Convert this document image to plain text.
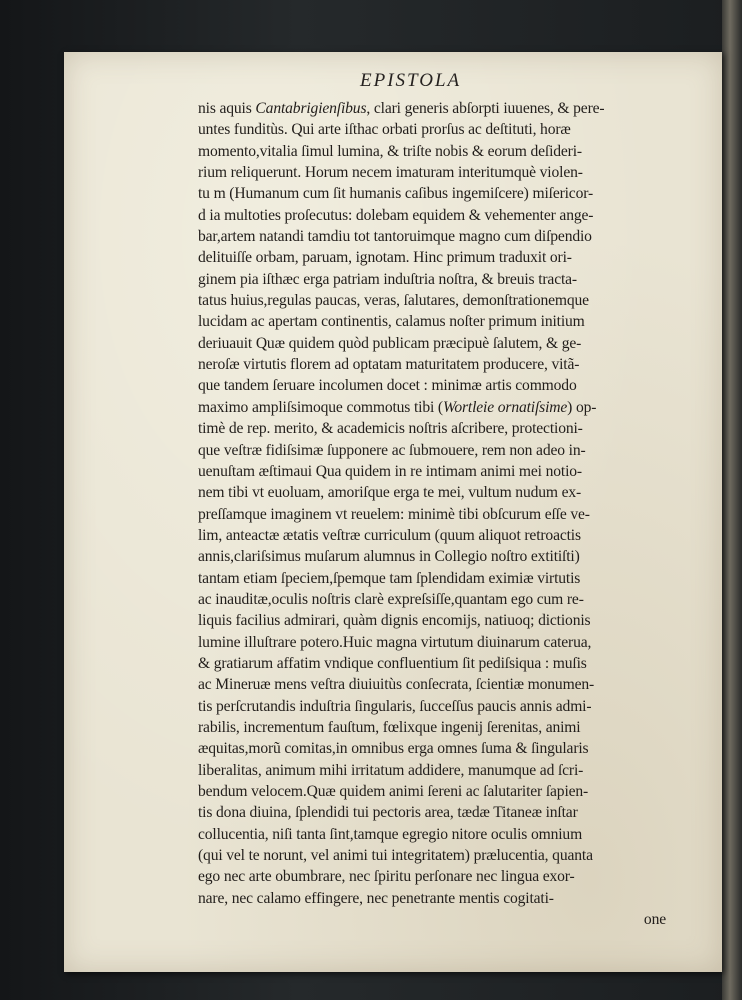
EPISTOLA
nis aquis Cantabrigienſibus, clari generis abſorpti iuuenes, & pere-
untes funditùs. Qui arte iſthac orbati prorſus ac deſtituti, horæ
momento,vitalia ſimul lumina, & triſte nobis & eorum deſideri-
rium reliquerunt. Horum necem imaturam interitumquè violen-
tu m (Humanum cum ſit humanis caſibus ingemiſcere) miſericor-
d ia multoties proſecutus: dolebam equidem & vehementer ange-
bar,artem natandi tamdiu tot tantoruimque magno cum diſpendio
delituiſſe orbam, paruam, ignotam. Hinc primum traduxit ori-
ginem pia iſthæc erga patriam induſtria noſtra, & breuis tracta-
tatus huius,regulas paucas, veras, ſalutares, demonſtrationemque
lucidam ac apertam continentis, calamus noſter primum initium
deriuauit Quæ quidem quòd publicam præcipuè ſalutem, & ge-
neroſæ virtutis florem ad optatam maturitatem producere, vitã-
que tandem ſeruare incolumen docet : minimæ artis commodo
maximo ampliſsimoque commotus tibi (Wortleie ornatiſsime) op-
timè de rep. merito, & academicis noſtris aſcribere, protectioni-
que veſtræ fidiſsimæ ſupponere ac ſubmouere, rem non adeo in-
uenuſtam æſtimaui Qua quidem in re intimam animi mei notio-
nem tibi vt euoluam, amoriſque erga te mei, vultum nudum ex-
preſſamque imaginem vt reuelem: minimè tibi obſcurum eſſe ve-
lim, anteactæ ætatis veſtræ curriculum (quum aliquot retroactis
annis,clariſsimus muſarum alumnus in Collegio noſtro extitiſti)
tantam etiam ſpeciem,ſpemque tam ſplendidam eximiæ virtutis
ac inauditæ,oculis noſtris clarè expreſsiſſe,quantam ego cum re-
liquis facilius admirari, quàm dignis encomijs, natiuoq; dictionis
lumine illuſtrare potero.Huic magna virtutum diuinarum caterua,
& gratiarum affatim vndique confluentium ſit pediſsiqua : muſis
ac Mineruæ mens veſtra diuiuitùs conſecrata, ſcientiæ monumen-
tis perſcrutandis induſtria ſingularis, ſucceſſus paucis annis admi-
rabilis, incrementum fauſtum, fœlixque ingenij ſerenitas, animi
æquitas,morũ comitas,in omnibus erga omnes ſuma & ſingularis
liberalitas, animum mihi irritatum addidere, manumque ad ſcri-
bendum velocem.Quæ quidem animi ſereni ac ſalutariter ſapien-
tis dona diuina, ſplendidi tui pectoris area, tædæ Titaneæ inſtar
collucentia, niſi tanta ſint,tamque egregio nitore oculis omnium
(qui vel te norunt, vel animi tui integritatem) prælucentia, quanta
ego nec arte obumbrare, nec ſpiritu perſonare nec lingua exor-
nare, nec calamo effingere, nec penetrante mentis cogitati-
one
